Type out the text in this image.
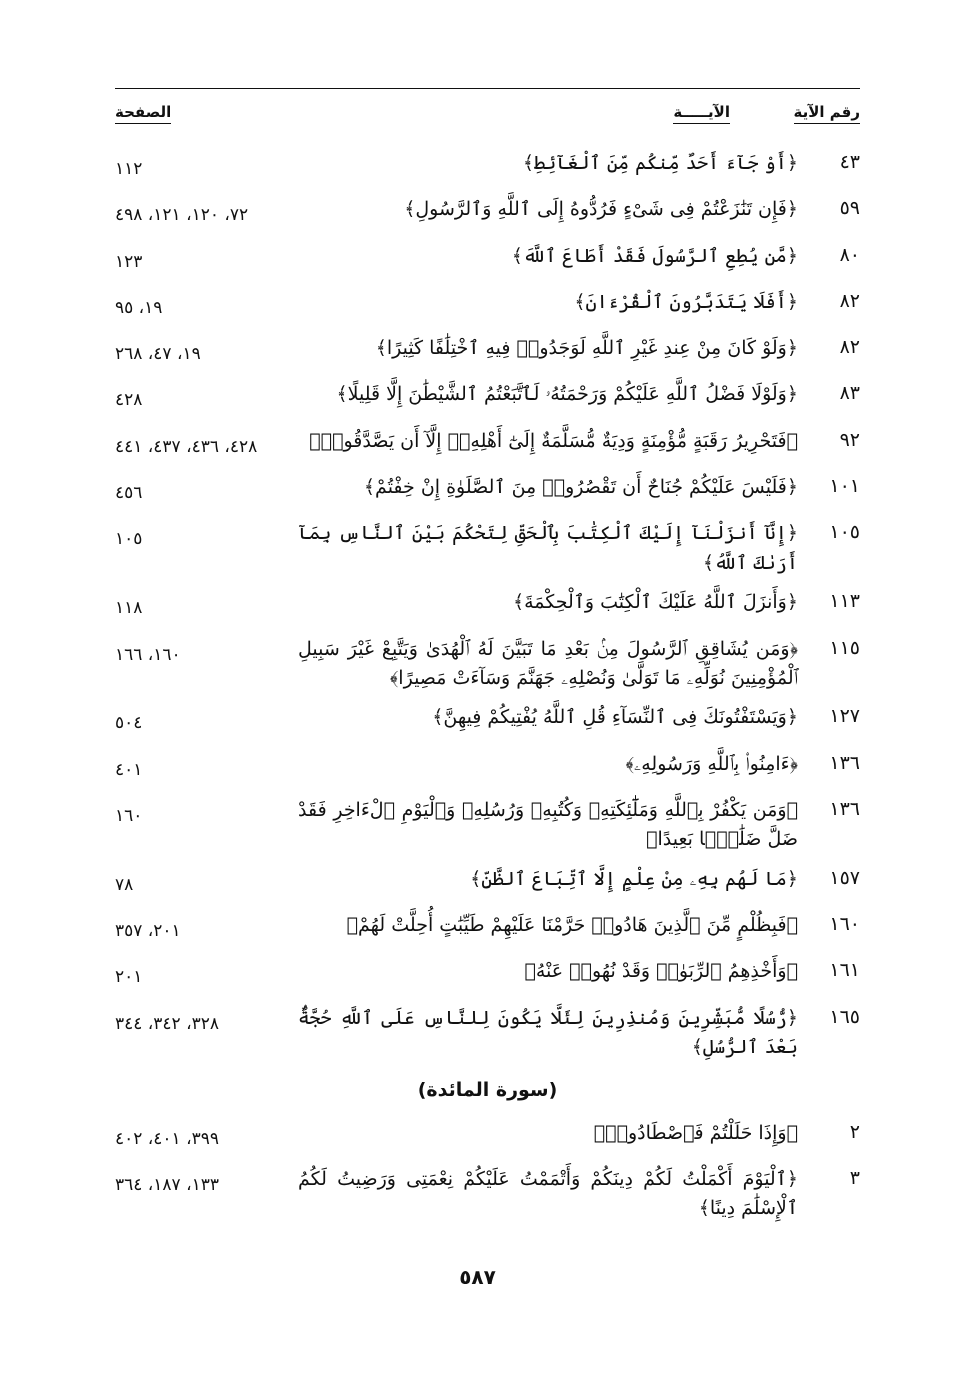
رقم الآية
الآيـــــة
الصفحة
٤٣
﴿أَوْ جَآءَ أَحَدٌ مِّنكُم مِّنَ ٱلْغَآئِطِ﴾
١١٢
٥٩
﴿فَإِن تَنَٰزَعْتُمْ فِى شَىْءٍ فَرُدُّوهُ إِلَى ٱللَّهِ وَٱلرَّسُولِ﴾
٧٢، ١٢٠، ١٢١، ٤٩٨
٨٠
﴿مَّن يُطِعِ ٱلرَّسُولَ فَقَدْ أَطَاعَ ٱللَّهَ﴾
١٢٣
٨٢
﴿أَفَلَا يَتَدَبَّرُونَ ٱلْقُرْءَانَ﴾
١٩، ٩٥
٨٢
﴿وَلَوْ كَانَ مِنْ عِندِ غَيْرِ ٱللَّهِ لَوَجَدُوا۟ فِيهِ ٱخْتِلَٰفًا كَثِيرًا﴾
١٩، ٤٧، ٢٦٨
٨٣
﴿وَلَوْلَا فَضْلُ ٱللَّهِ عَلَيْكُمْ وَرَحْمَتُهُۥ لَٱتَّبَعْتُمُ ٱلشَّيْطَٰنَ إِلَّا قَلِيلًا﴾
٤٢٨
٩٢
﴿فَتَحْرِيرُ رَقَبَةٍ مُّؤْمِنَةٍ وَدِيَةٌ مُّسَلَّمَةٌ إِلَىٰٓ أَهْلِهِۦٓ إِلَّآ أَن يَصَّدَّقُوا۟﴾
٤٢٨، ٤٣٦، ٤٣٧، ٤٤١
١٠١
﴿فَلَيْسَ عَلَيْكُمْ جُنَاحٌ أَن تَقْصُرُوا۟ مِنَ ٱلصَّلَوٰةِ إِنْ خِفْتُمْ﴾
٤٥٦
١٠٥
﴿إِنَّآ أَنزَلْنَآ إِلَيْكَ ٱلْكِتَٰبَ بِٱلْحَقِّ لِتَحْكُمَ بَيْنَ ٱلنَّاسِ بِمَآ أَرَىٰكَ ٱللَّهُ﴾
١٠٥
١١٣
﴿وَأَنزَلَ ٱللَّهُ عَلَيْكَ ٱلْكِتَٰبَ وَٱلْحِكْمَةَ﴾
١١٨
١١٥
﴿وَمَن يُشَاقِقِ ٱلرَّسُولَ مِنۢ بَعْدِ مَا تَبَيَّنَ لَهُ ٱلْهُدَىٰ وَيَتَّبِعْ غَيْرَ سَبِيلِ ٱلْمُؤْمِنِينَ نُوَلِّهِۦ مَا تَوَلَّىٰ وَنُصْلِهِۦ جَهَنَّمَ وَسَآءَتْ مَصِيرًا﴾
١٦٠، ١٦٦
١٢٧
﴿وَيَسْتَفْتُونَكَ فِى ٱلنِّسَآءِ قُلِ ٱللَّهُ يُفْتِيكُمْ فِيهِنَّ﴾
٥٠٤
١٣٦
﴿ءَامِنُوا۟ بِٱللَّهِ وَرَسُولِهِۦ﴾
٤٠١
١٣٦
﴿وَمَن يَكْفُرْ بِٱللَّهِ وَمَلَٰٓئِكَتِهِۦ وَكُتُبِهِۦ وَرُسُلِهِۦ وَٱلْيَوْمِ ٱلْءَاخِرِ فَقَدْ ضَلَّ ضَلَٰلًۢا بَعِيدًا﴾
١٦٠
١٥٧
﴿مَا لَهُم بِهِۦ مِنْ عِلْمٍ إِلَّا ٱتِّبَاعَ ٱلظَّنِّ﴾
٧٨
١٦٠
﴿فَبِظُلْمٍ مِّنَ ٱلَّذِينَ هَادُوا۟ حَرَّمْنَا عَلَيْهِمْ طَيِّبَٰتٍ أُحِلَّتْ لَهُمْ﴾
٢٠١، ٣٥٧
١٦١
﴿وَأَخْذِهِمُ ٱلرِّبَوٰا۟ وَقَدْ نُهُوا۟ عَنْهُ﴾
٢٠١
١٦٥
﴿رُّسُلًا مُّبَشِّرِينَ وَمُنذِرِينَ لِئَلَّا يَكُونَ لِلنَّاسِ عَلَى ٱللَّهِ حُجَّةٌۢ بَعْدَ ٱلرُّسُلِ﴾
٣٢٨، ٣٤٢، ٣٤٤
(سورة المائدة)
٢
﴿وَإِذَا حَلَلْتُمْ فَٱصْطَادُوا۟﴾
٣٩٩، ٤٠١، ٤٠٢
٣
﴿ٱلْيَوْمَ أَكْمَلْتُ لَكُمْ دِينَكُمْ وَأَتْمَمْتُ عَلَيْكُمْ نِعْمَتِى وَرَضِيتُ لَكُمُ ٱلْإِسْلَٰمَ دِينًا﴾
١٣٣، ١٨٧، ٣٦٤
٥٨٧
